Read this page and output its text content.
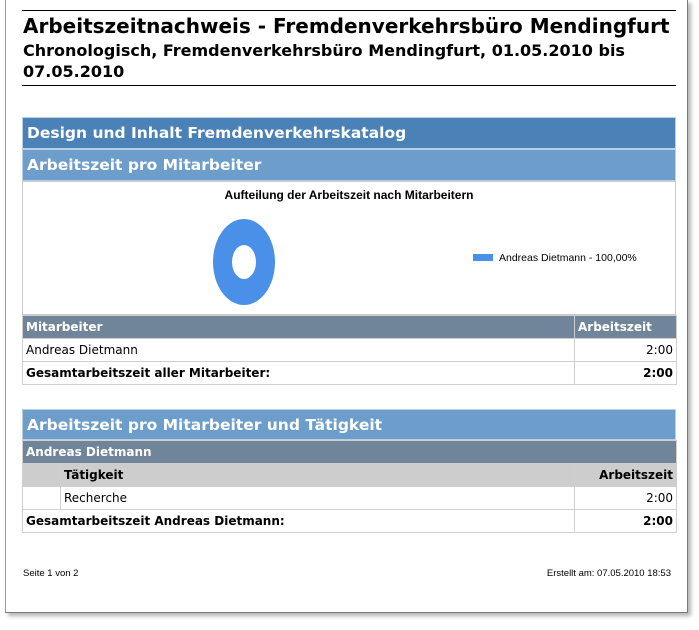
Arbeitszeitnachweis - Fremdenverkehrsbüro Mendingfurt
Chronologisch, Fremdenverkehrsbüro Mendingfurt, 01.05.2010 bis 07.05.2010
Design und Inhalt Fremdenverkehrskatalog
Arbeitszeit pro Mitarbeiter
Aufteilung der Arbeitszeit nach Mitarbeitern
Andreas Dietmann - 100,00%
Mitarbeiter	Arbeitszeit
Andreas Dietmann	2:00
Gesamtarbeitszeit aller Mitarbeiter:	2:00
Arbeitszeit pro Mitarbeiter und Tätigkeit
Andreas Dietmann		
	Tätigkeit	Arbeitszeit
	Recherche	2:00
Gesamtarbeitszeit Andreas Dietmann:		2:00
Seite 1 von 2	Erstellt am: 07.05.2010 18:53
